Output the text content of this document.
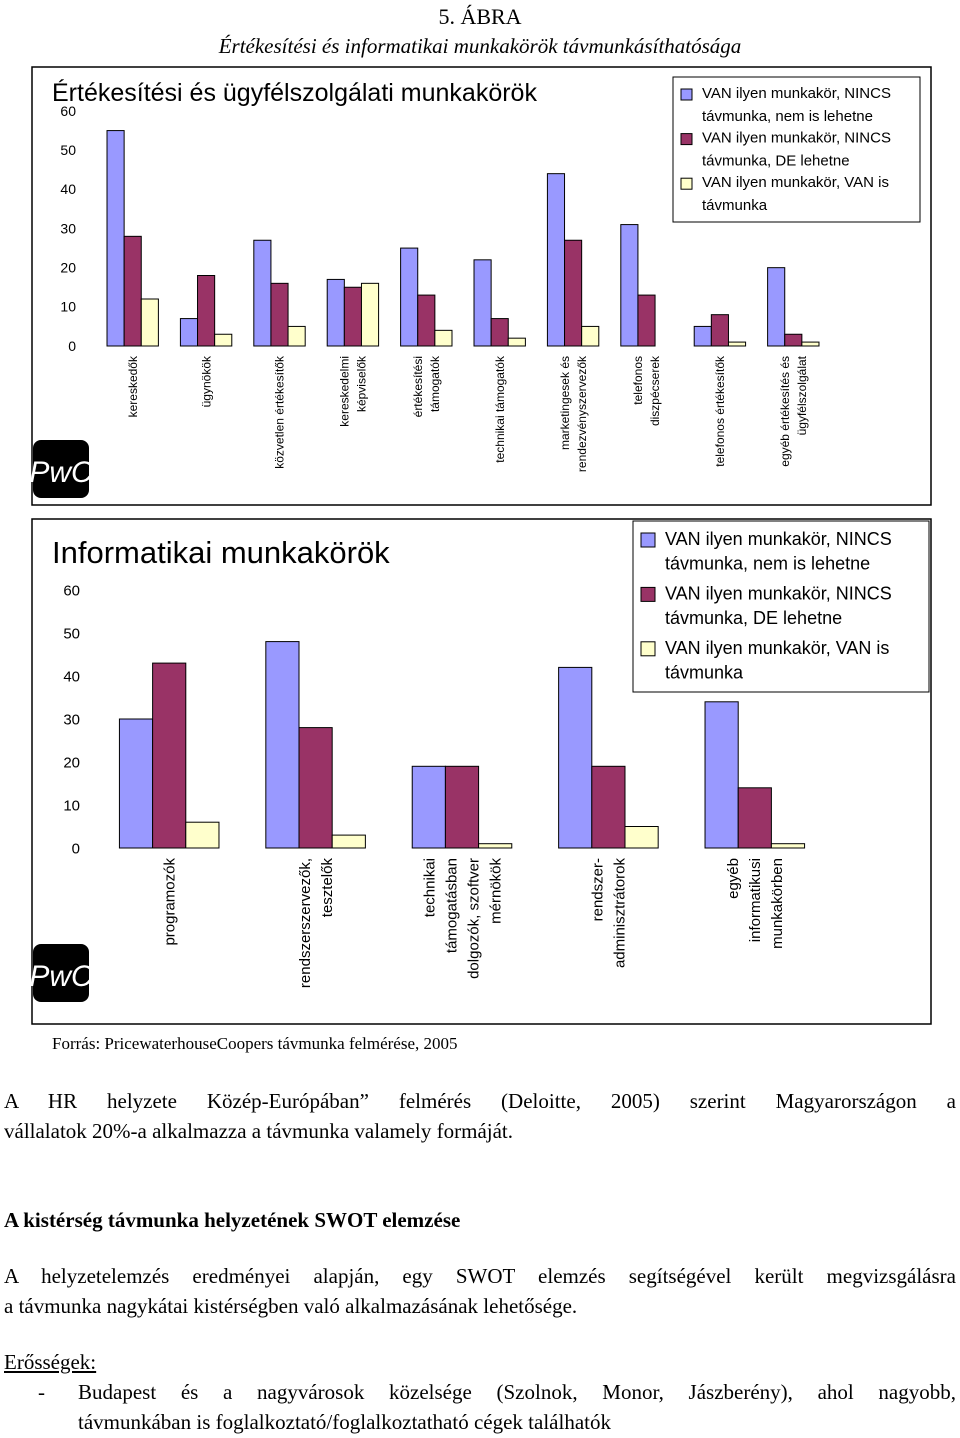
5. ÁBRA
Értékesítési és informatikai munkakörök távmunkásíthatósága
0
10
20
30
40
50
60
kereskedők	ügynökök	közvetlen értékesítők	kereskedelmi képviselők	értékesítési támogatók	technikai támogatók	marketingesek és rendezvényszervezők	telefonos diszpécserek	telefonos értékesítők	egyéb értékesítés és ügyfélszolgálat
Értékesítési és ügyfélszolgálati munkakörök	VAN ilyen munkakör, NINCS
távmunka, nem is lehetne
VAN ilyen munkakör, NINCS
távmunka, DE lehetne
VAN ilyen munkakör, VAN is
távmunka
PwC
0
10
20
30
40
50
60
programozók	rendszerszervezők, tesztelők	technikai támogatásban dolgozók, szoftver mérnökök	rendszer- adminisztrátorok	egyéb informatikusi munkakörben
Informatikai munkakörök	VAN ilyen munkakör, NINCS
távmunka, nem is lehetne
VAN ilyen munkakör, NINCS
távmunka, DE lehetne
VAN ilyen munkakör, VAN is
távmunka
PwC
Forrás: PricewaterhouseCoopers távmunka felmérése, 2005
A HR helyzete Közép-Európában” felmérés (Deloitte, 2005) szerint Magyarországon a
vállalatok 20%-a alkalmazza a távmunka valamely formáját.
A kistérség távmunka helyzetének SWOT elemzése
A helyzetelemzés eredményei alapján, egy SWOT elemzés segítségével került megvizsgálásra
a távmunka nagykátai kistérségben való alkalmazásának lehetősége.
Erősségek:
- Budapest és a nagyvárosok közelsége (Szolnok, Monor, Jászberény), ahol nagyobb,
távmunkában is foglalkoztató/foglalkoztatható cégek találhatók
